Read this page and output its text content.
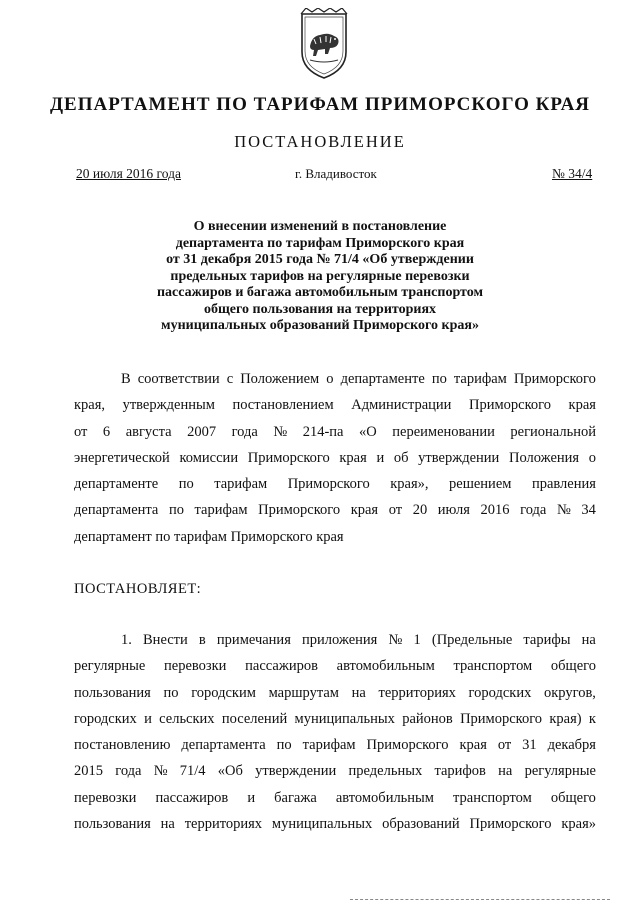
ДЕПАРТАМЕНТ ПО ТАРИФАМ ПРИМОРСКОГО КРАЯ
ПОСТАНОВЛЕНИЕ
20 июля 2016 года	г. Владивосток	№ 34/4
О внесении изменений в постановление
департамента по тарифам Приморского края
от 31 декабря 2015 года № 71/4 «Об утверждении
предельных тарифов на регулярные перевозки
пассажиров и багажа автомобильным транспортом
общего пользования на территориях
муниципальных образований Приморского края»
В соответствии с Положением о департаменте по тарифам Приморского
края, утвержденным постановлением Администрации Приморского края
от 6 августа 2007 года № 214-па «О переименовании региональной
энергетической комиссии Приморского края и об утверждении Положения о
департаменте по тарифам Приморского края», решением правления
департамента по тарифам Приморского края от 20 июля 2016 года № 34
департамент по тарифам Приморского края
ПОСТАНОВЛЯЕТ:
1. Внести в примечания приложения № 1 (Предельные тарифы на
регулярные перевозки пассажиров автомобильным транспортом общего
пользования по городским маршрутам на территориях городских округов,
городских и сельских поселений муниципальных районов Приморского края) к
постановлению департамента по тарифам Приморского края от 31 декабря
2015 года № 71/4 «Об утверждении предельных тарифов на регулярные
перевозки пассажиров и багажа автомобильным транспортом общего
пользования на территориях муниципальных образований Приморского края»
